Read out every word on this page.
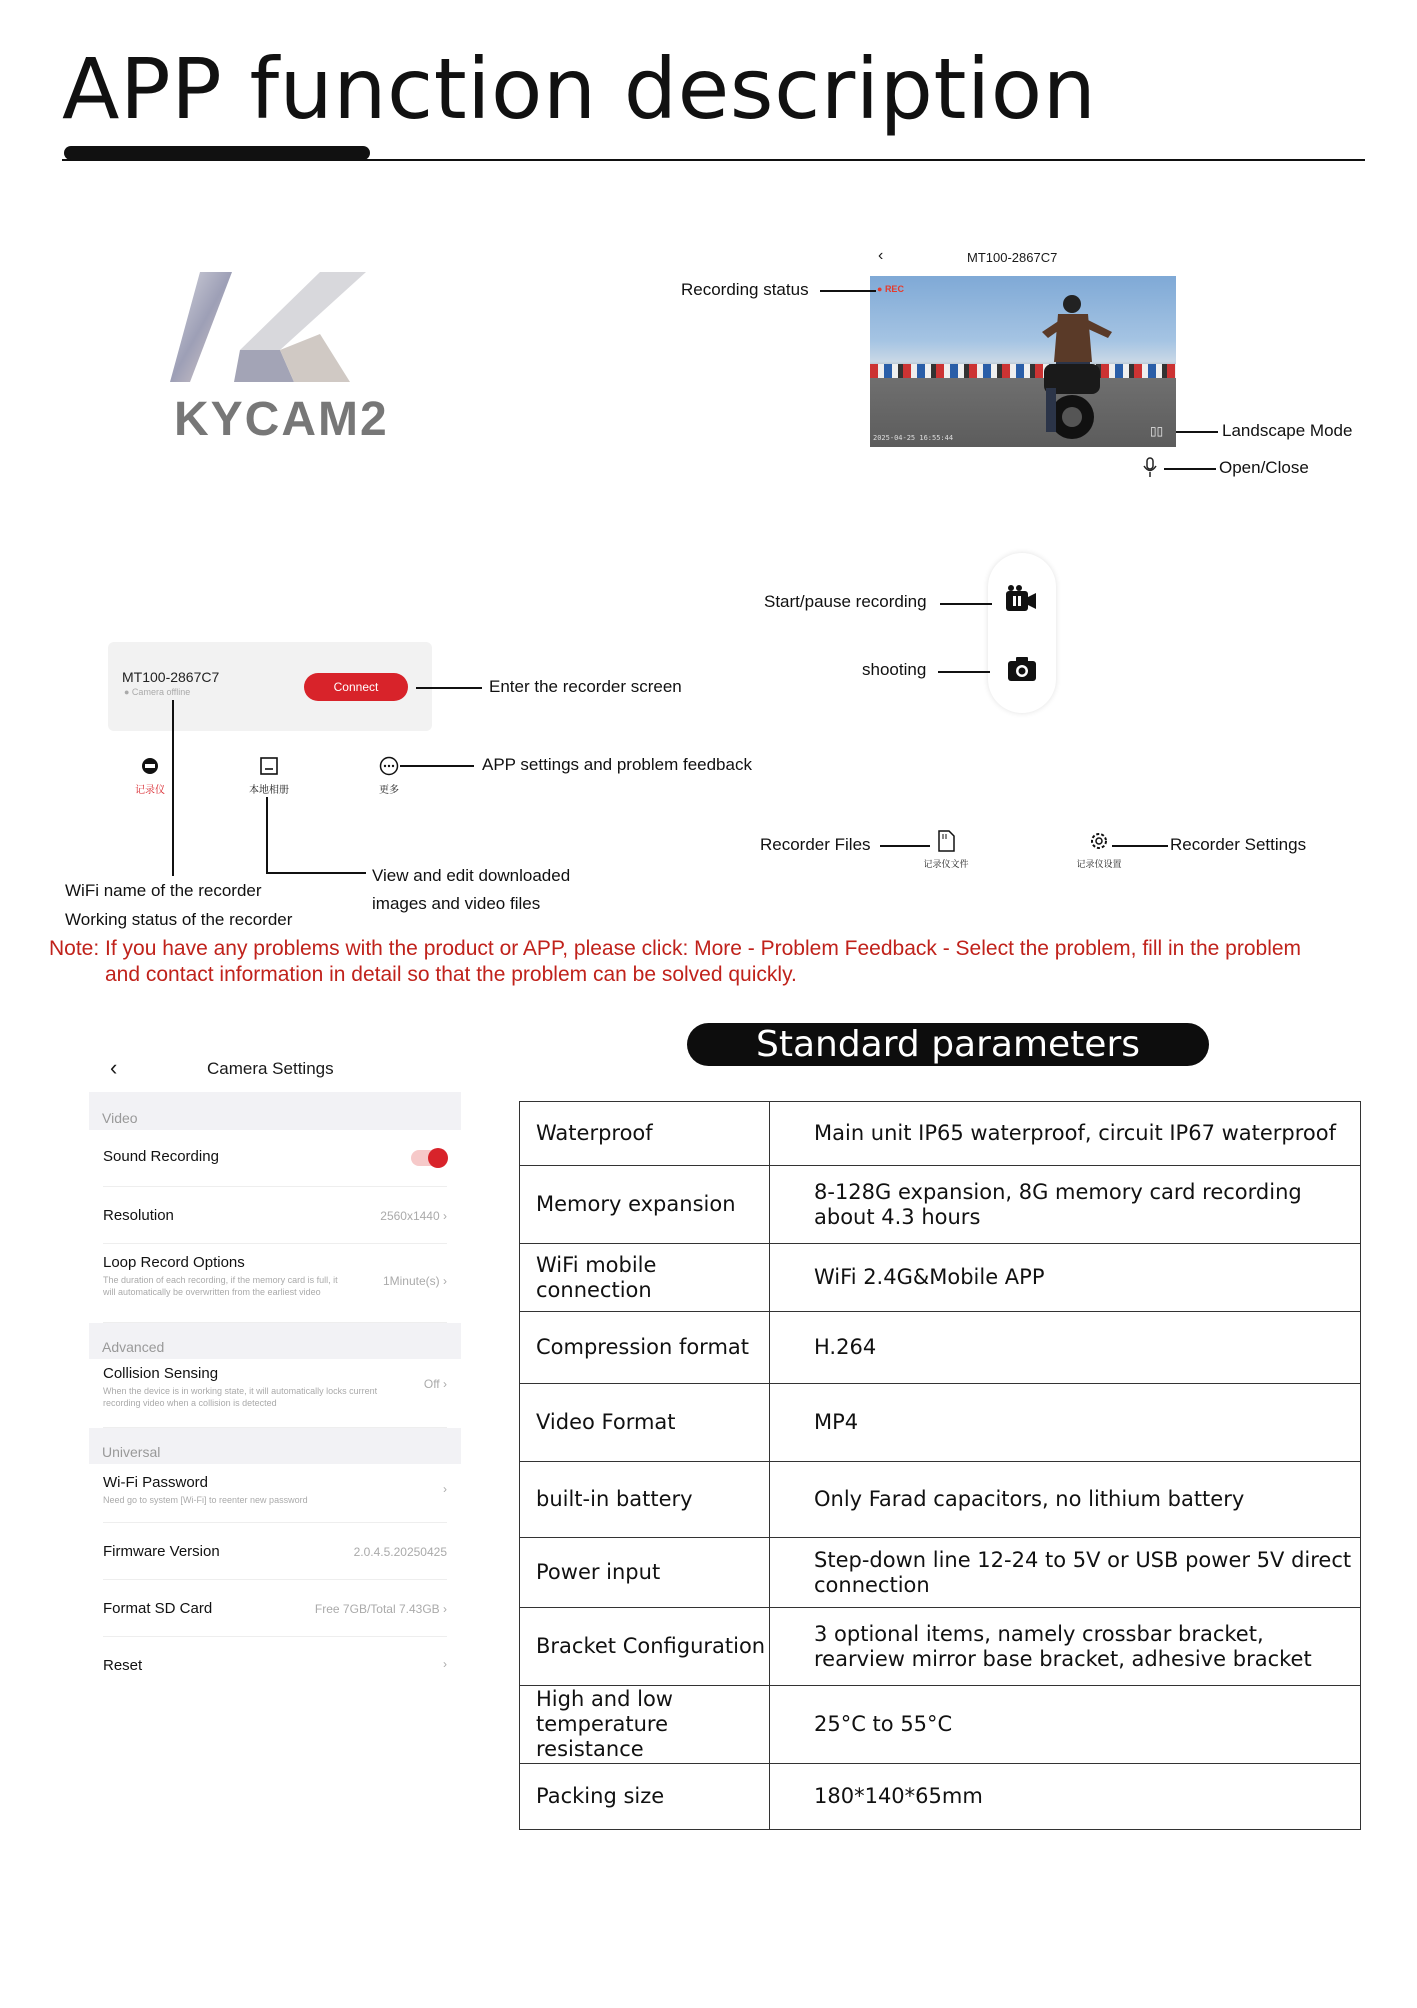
APP function description
KYCAM2
‹	MT100-2867C7
● REC
2025-04-25 16:55:44	▯▯
Recording status
Landscape Mode
Open/Close
Start/pause recording
shooting
MT100-2867C7
● Camera offline	Connect	Enter the recorder screen
记录仪	本地相册	更多
APP settings and problem feedback
WiFi name of the recorder
Working status of the recorder
View and edit downloaded
images and video files
Recorder Files
记录仪文件	记录仪设置
Recorder Settings
Note: If you have any problems with the product or APP, please click: More - Problem Feedback - Select the problem, fill in the problem
and contact information in detail so that the problem can be solved quickly.
‹	Camera Settings
Video
Sound Recording
Resolution	2560x1440 ›
Loop Record Options
The duration of each recording, if the memory card is full, it will automatically be overwritten from the earliest video
1Minute(s) ›
Advanced
Collision Sensing
When the device is in working state, it will automatically locks current recording video when a collision is detected
Off ›
Universal
Wi-Fi Password
Need go to system [Wi-Fi] to reenter new password
›
Firmware Version	2.0.4.5.20250425
Format SD Card	Free 7GB/Total 7.43GB ›
Reset	›
Standard parameters
Waterproof	Main unit IP65 waterproof, circuit IP67 waterproof
Memory expansion	8-128G expansion, 8G memory card recording about 4.3 hours
WiFi mobile connection	WiFi 2.4G&Mobile APP
Compression format	H.264
Video Format	MP4
built-in battery	Only Farad capacitors, no lithium battery
Power input	Step-down line 12-24 to 5V or USB power 5V direct connection
Bracket Configuration	3 optional items, namely crossbar bracket, rearview mirror base bracket, adhesive bracket
High and low temperature resistance	25°C to 55°C
Packing size	180*140*65mm
